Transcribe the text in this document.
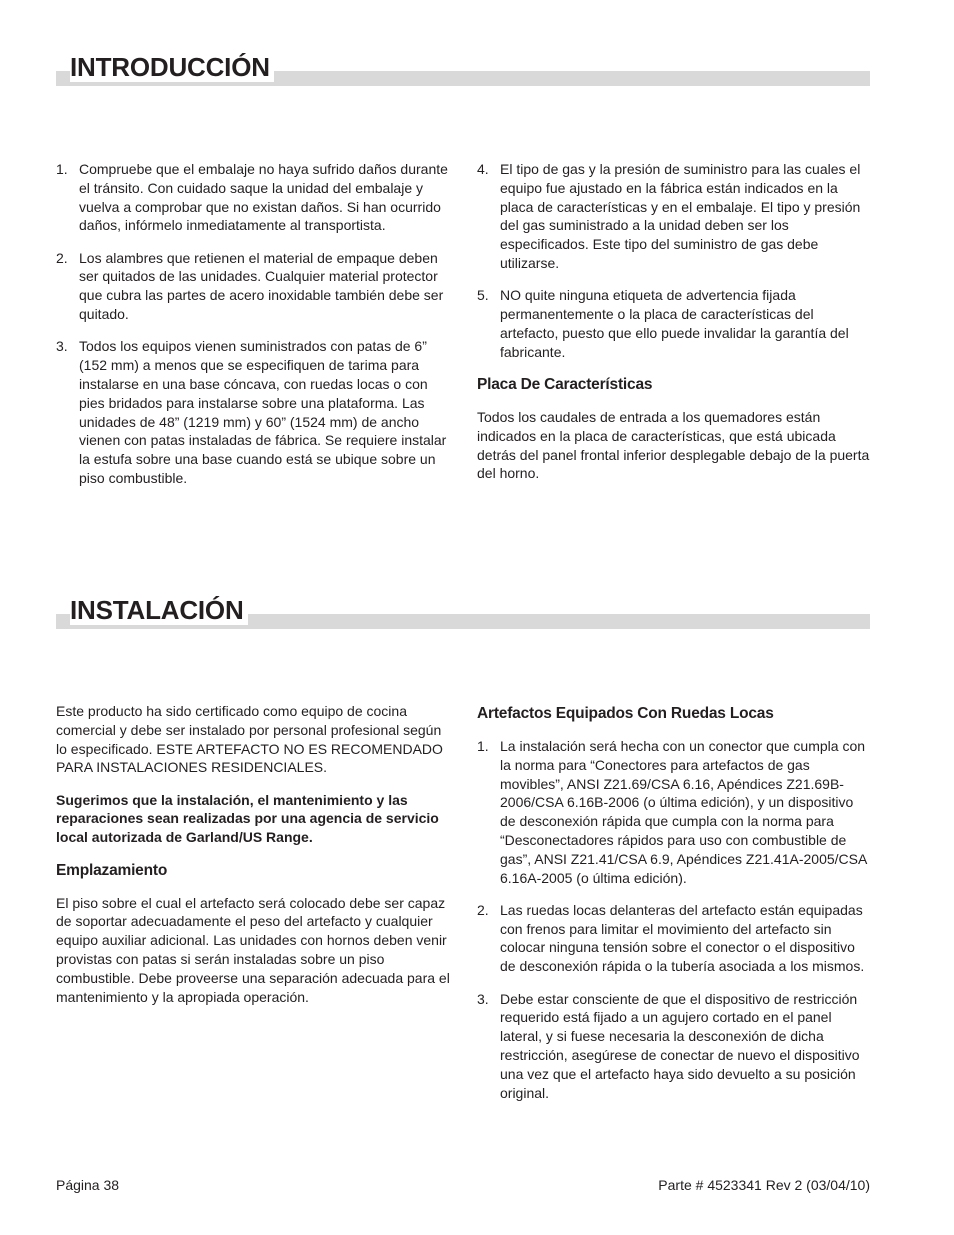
INTRODUCCIÓN
1. Compruebe que el embalaje no haya sufrido daños durante el tránsito. Con cuidado saque la unidad del embalaje y vuelva a comprobar que no existan daños. Si han ocurrido daños, infórmelo inmediatamente al transportista.
2. Los alambres que retienen el material de empaque deben ser quitados de las unidades. Cualquier material protector que cubra las partes de acero inoxidable también debe ser quitado.
3. Todos los equipos vienen suministrados con patas de 6” (152 mm) a menos que se especifiquen de tarima para instalarse en una base cóncava, con ruedas locas o con pies bridados para instalarse sobre una plataforma. Las unidades de 48” (1219 mm) y 60” (1524 mm) de ancho vienen con patas instaladas de fábrica. Se requiere instalar la estufa sobre una base cuando está se ubique sobre un piso combustible.
4. El tipo de gas y la presión de suministro para las cuales el equipo fue ajustado en la fábrica están indicados en la placa de características y en el embalaje. El tipo y presión del gas suministrado a la unidad deben ser los especificados. Este tipo del suministro de gas debe utilizarse.
5. NO quite ninguna etiqueta de advertencia fijada permanentemente o la placa de características del artefacto, puesto que ello puede invalidar la garantía del fabricante.
Placa De Características

Todos los caudales de entrada a los quemadores están indicados en la placa de características, que está ubicada detrás del panel frontal inferior desplegable debajo de la puerta del horno.

INSTALACIÓN

Este producto ha sido certificado como equipo de cocina comercial y debe ser instalado por personal profesional según lo especificado. ESTE ARTEFACTO NO ES RECOMENDADO PARA INSTALACIONES RESIDENCIALES.

Sugerimos que la instalación, el mantenimiento y las reparaciones sean realizadas por una agencia de servicio local autorizada de Garland/US Range.

Emplazamiento

El piso sobre el cual el artefacto será colocado debe ser capaz de soportar adecuadamente el peso del artefacto y cualquier equipo auxiliar adicional. Las unidades con hornos deben venir provistas con patas si serán instaladas sobre un piso combustible. Debe proveerse una separación adecuada para el mantenimiento y la apropiada operación.

Artefactos Equipados Con Ruedas Locas
1. La instalación será hecha con un conector que cumpla con la norma para “Conectores para artefactos de gas movibles”, ANSI Z21.69/CSA 6.16, Apéndices Z21.69B-2006/CSA 6.16B-2006 (o última edición), y un dispositivo de desconexión rápida que cumpla con la norma para “Desconectadores rápidos para uso con combustible de gas”, ANSI Z21.41/CSA 6.9, Apéndices Z21.41A-2005/CSA 6.16A-2005 (o última edición).
2. Las ruedas locas delanteras del artefacto están equipadas con frenos para limitar el movimiento del artefacto sin colocar ninguna tensión sobre el conector o el dispositivo de desconexión rápida o la tubería asociada a los mismos.
3. Debe estar consciente de que el dispositivo de restricción requerido está fijado a un agujero cortado en el panel lateral, y si fuese necesaria la desconexión de dicha restricción, asegúrese de conectar de nuevo el dispositivo una vez que el artefacto haya sido devuelto a su posición original.
Página 38	Parte # 4523341 Rev 2 (03/04/10)
